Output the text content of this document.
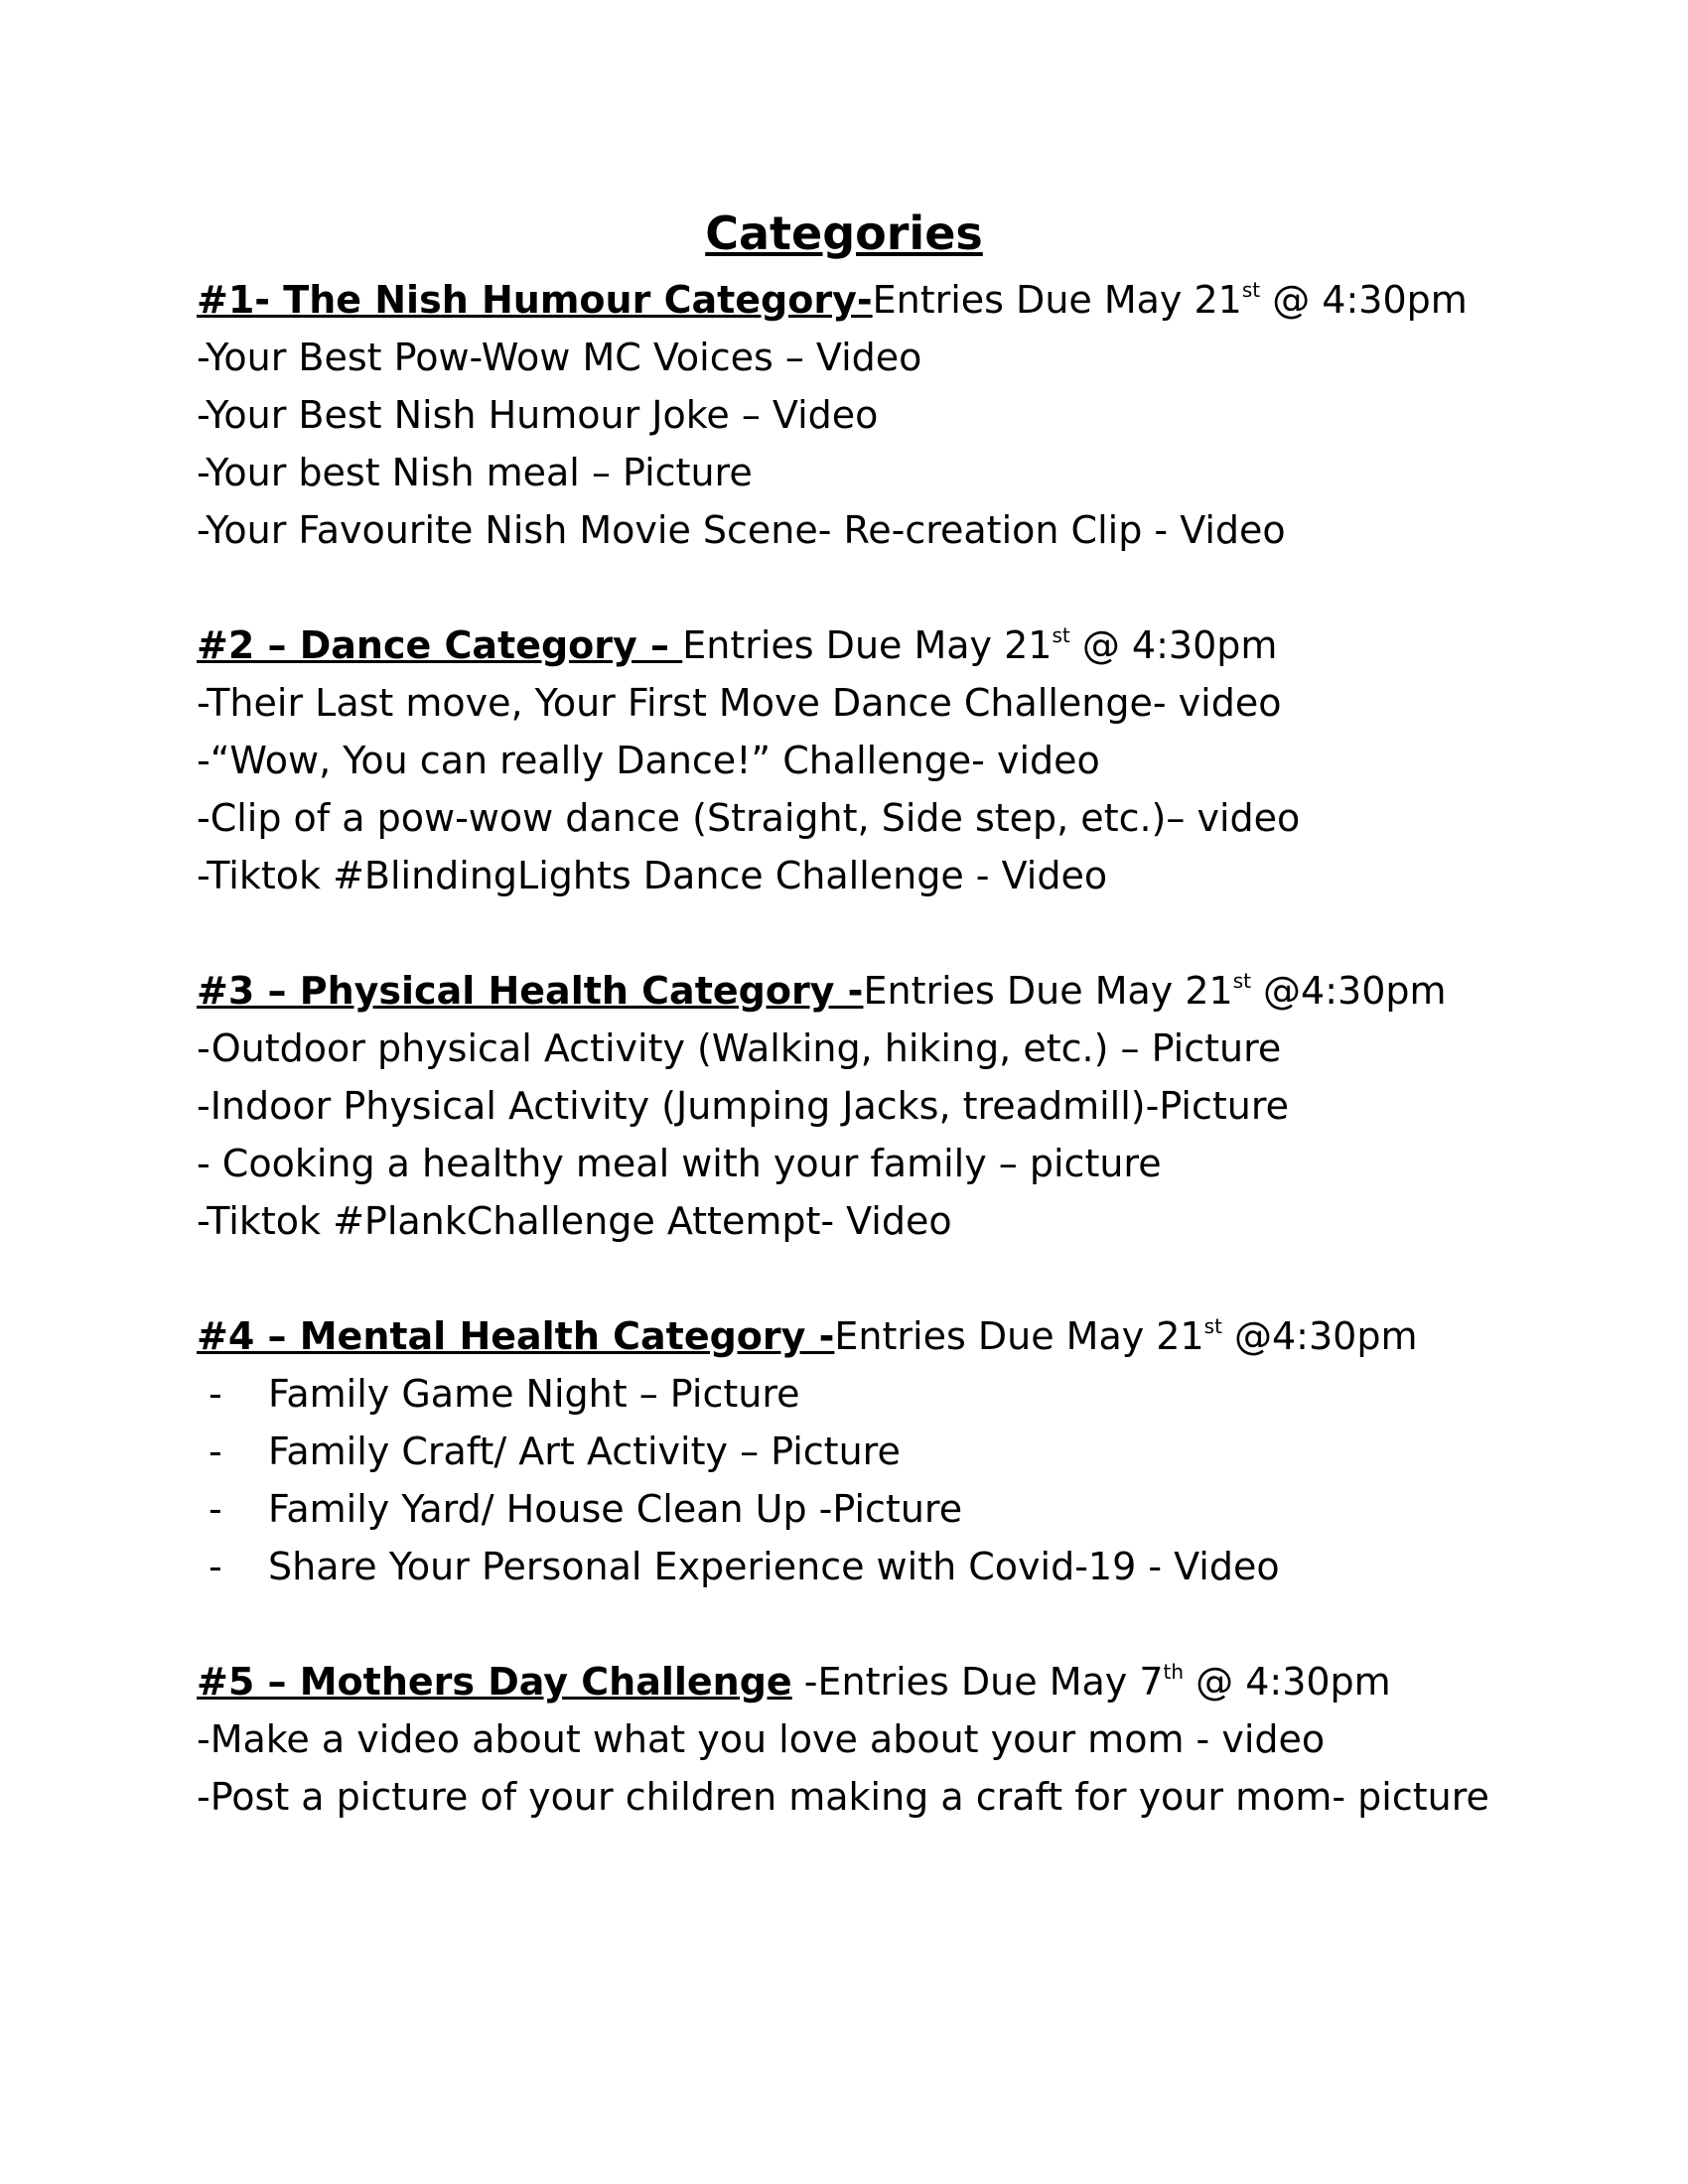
Categories
#1- The Nish Humour Category-Entries Due May 21st @ 4:30pm
-Your Best Pow-Wow MC Voices – Video
-Your Best Nish Humour Joke – Video
-Your best Nish meal – Picture
-Your Favourite Nish Movie Scene- Re-creation Clip - Video
#2 – Dance Category – Entries Due May 21st @ 4:30pm
-Their Last move, Your First Move Dance Challenge- video
-“Wow, You can really Dance!” Challenge- video
-Clip of a pow-wow dance (Straight, Side step, etc.)– video
-Tiktok #BlindingLights Dance Challenge - Video
#3 – Physical Health Category -Entries Due May 21st @4:30pm
-Outdoor physical Activity (Walking, hiking, etc.) – Picture
-Indoor Physical Activity (Jumping Jacks, treadmill)-Picture
- Cooking a healthy meal with your family – picture
-Tiktok #PlankChallenge Attempt- Video
#4 – Mental Health Category -Entries Due May 21st @4:30pm
- Family Game Night – Picture
- Family Craft/ Art Activity – Picture
- Family Yard/ House Clean Up -Picture
- Share Your Personal Experience with Covid-19 - Video
#5 – Mothers Day Challenge -Entries Due May 7th @ 4:30pm
-Make a video about what you love about your mom - video
-Post a picture of your children making a craft for your mom- picture
